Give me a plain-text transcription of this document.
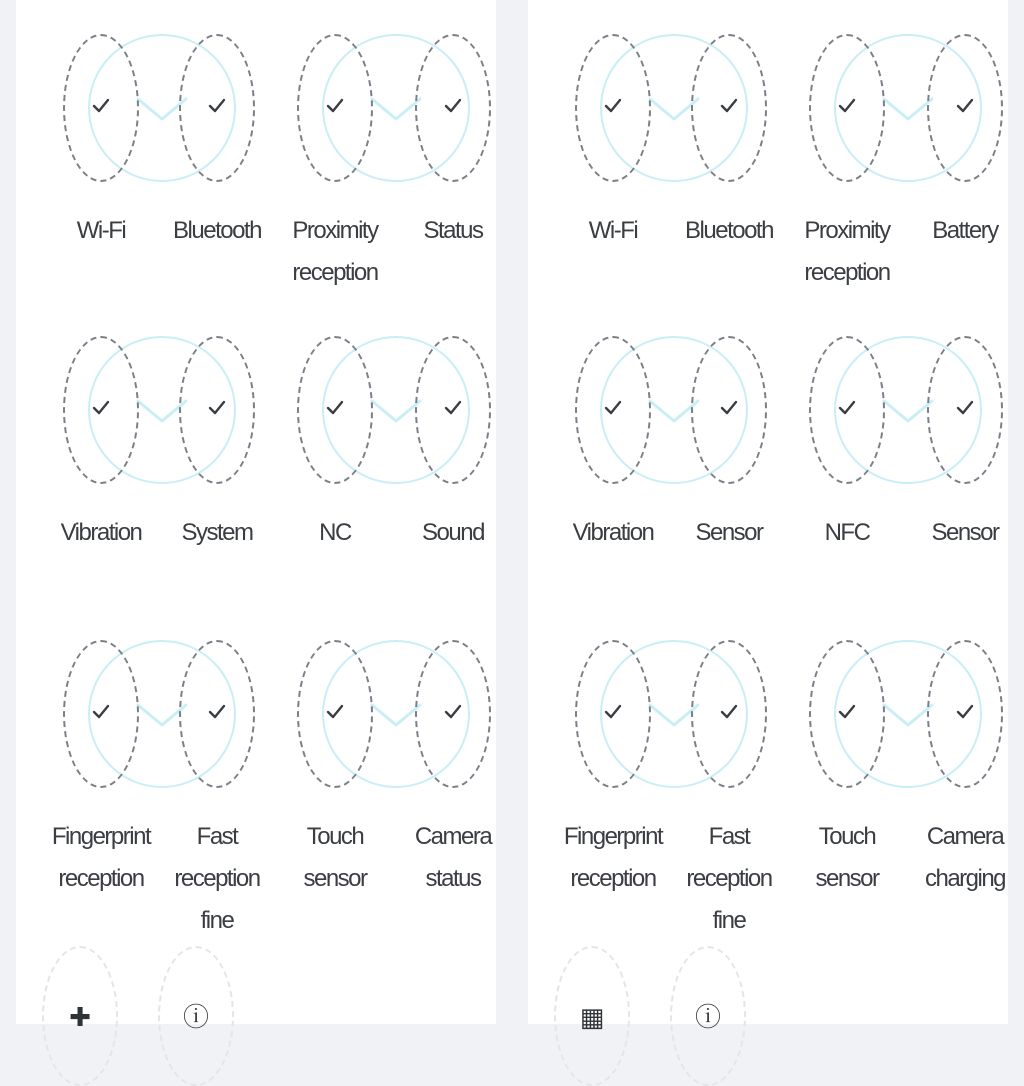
Wi-Fi	Bluetooth	Proximity
reception
Status
Vibration	System	NC	Sound
Fingerprint
reception
Fast reception
fine
Touch sensor
Camera
status
✚	ⓘ
Wi-Fi	Bluetooth	Proximity
reception
Battery
Vibration	Sensor	NFC	Sensor
Fingerprint
reception
Fast reception
fine
Touch sensor
Camera
charging
▦	ⓘ
